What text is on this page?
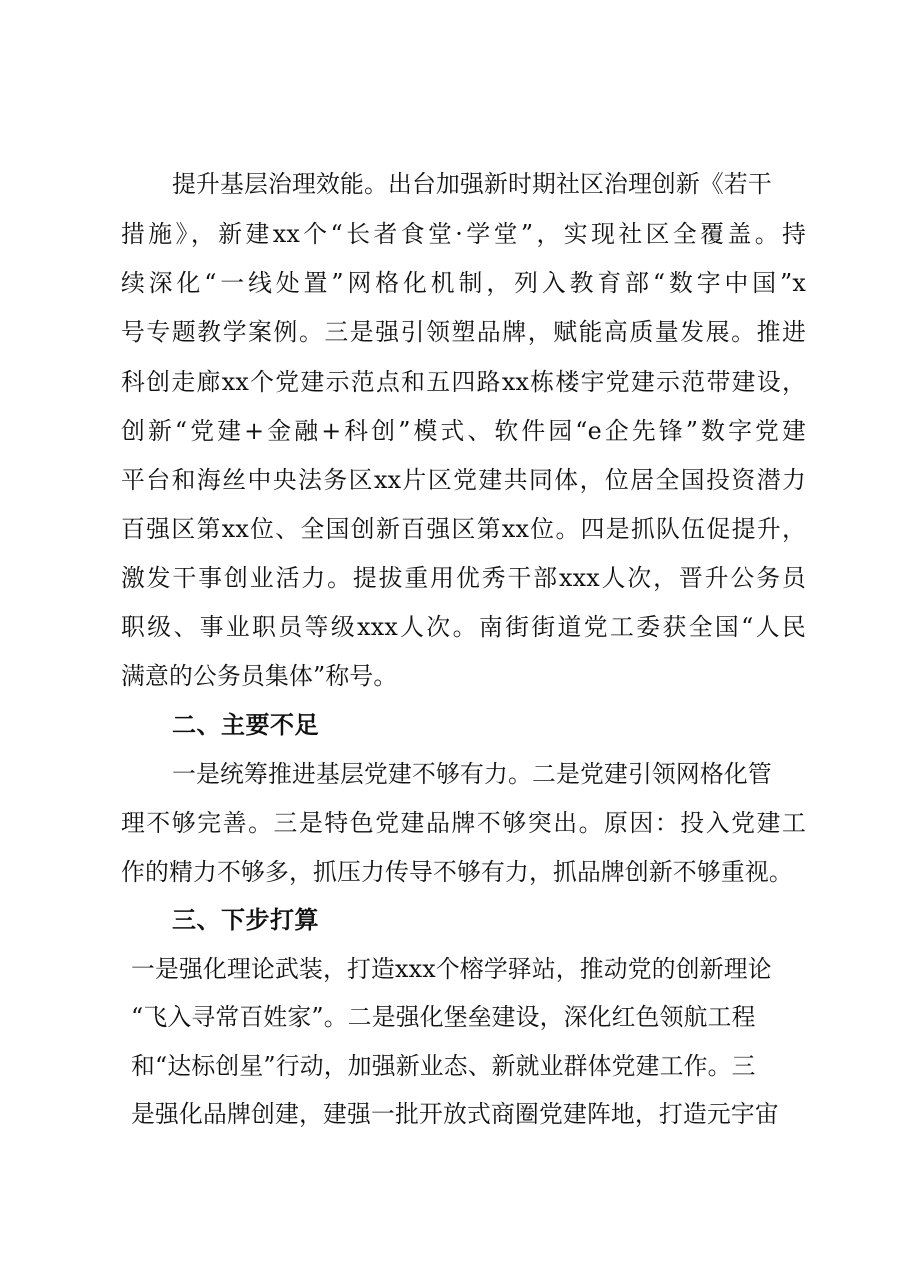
提升基层治理效能。出台加强新时期社区治理创新《若干

措施》，新建xx个“长者食堂·学堂”，实现社区全覆盖。持

续深化“一线处置”网格化机制，列入教育部“数字中国”x

号专题教学案例。三是强引领塑品牌，赋能高质量发展。推进

科创走廊xx个党建示范点和五四路xx栋楼宇党建示范带建设，

创新“党建+金融+科创”模式、软件园“e企先锋”数字党建

平台和海丝中央法务区xx片区党建共同体，位居全国投资潜力

百强区第xx位、全国创新百强区第xx位。四是抓队伍促提升，

激发干事创业活力。提拔重用优秀干部xxx人次，晋升公务员

职级、事业职员等级xxx人次。南街街道党工委获全国“人民

满意的公务员集体”称号。

二、主要不足

一是统筹推进基层党建不够有力。二是党建引领网格化管

理不够完善。三是特色党建品牌不够突出。原因：投入党建工

作的精力不够多，抓压力传导不够有力，抓品牌创新不够重视。

三、下步打算

一是强化理论武装，打造xxx个榕学驿站，推动党的创新理论

“飞入寻常百姓家”。二是强化堡垒建设，深化红色领航工程

和“达标创星”行动，加强新业态、新就业群体党建工作。三

是强化品牌创建，建强一批开放式商圈党建阵地，打造元宇宙
